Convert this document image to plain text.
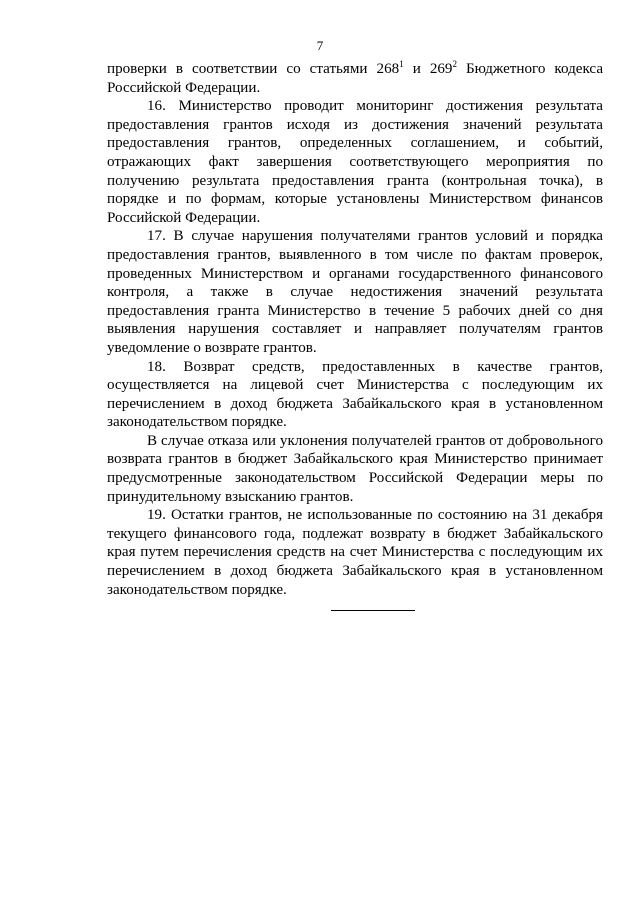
7

проверки в соответствии со статьями $268^1$ и $269^2$ Бюджетного кодекса Российской Федерации.

16. Министерство проводит мониторинг достижения результата предоставления грантов исходя из достижения значений результата предоставления грантов, определенных соглашением, и событий, отражающих факт завершения соответствующего мероприятия по получению результата предоставления гранта (контрольная точка), в порядке и по формам, которые установлены Министерством финансов Российской Федерации.

17. В случае нарушения получателями грантов условий и порядка предоставления грантов, выявленного в том числе по фактам проверок, проведенных Министерством и органами государственного финансового контроля, а также в случае недостижения значений результата предоставления гранта Министерство в течение 5 рабочих дней со дня выявления нарушения составляет и направляет получателям грантов уведомление о возврате грантов.

18. Возврат средств, предоставленных в качестве грантов, осуществляется на лицевой счет Министерства с последующим их перечислением в доход бюджета Забайкальского края в установленном законодательством порядке.

В случае отказа или уклонения получателей грантов от добровольного возврата грантов в бюджет Забайкальского края Министерство принимает предусмотренные законодательством Российской Федерации меры по принудительному взысканию грантов.

19. Остатки грантов, не использованные по состоянию на 31 декабря текущего финансового года, подлежат возврату в бюджет Забайкальского края путем перечисления средств на счет Министерства с последующим их перечислением в доход бюджета Забайкальского края в установленном законодательством порядке.
